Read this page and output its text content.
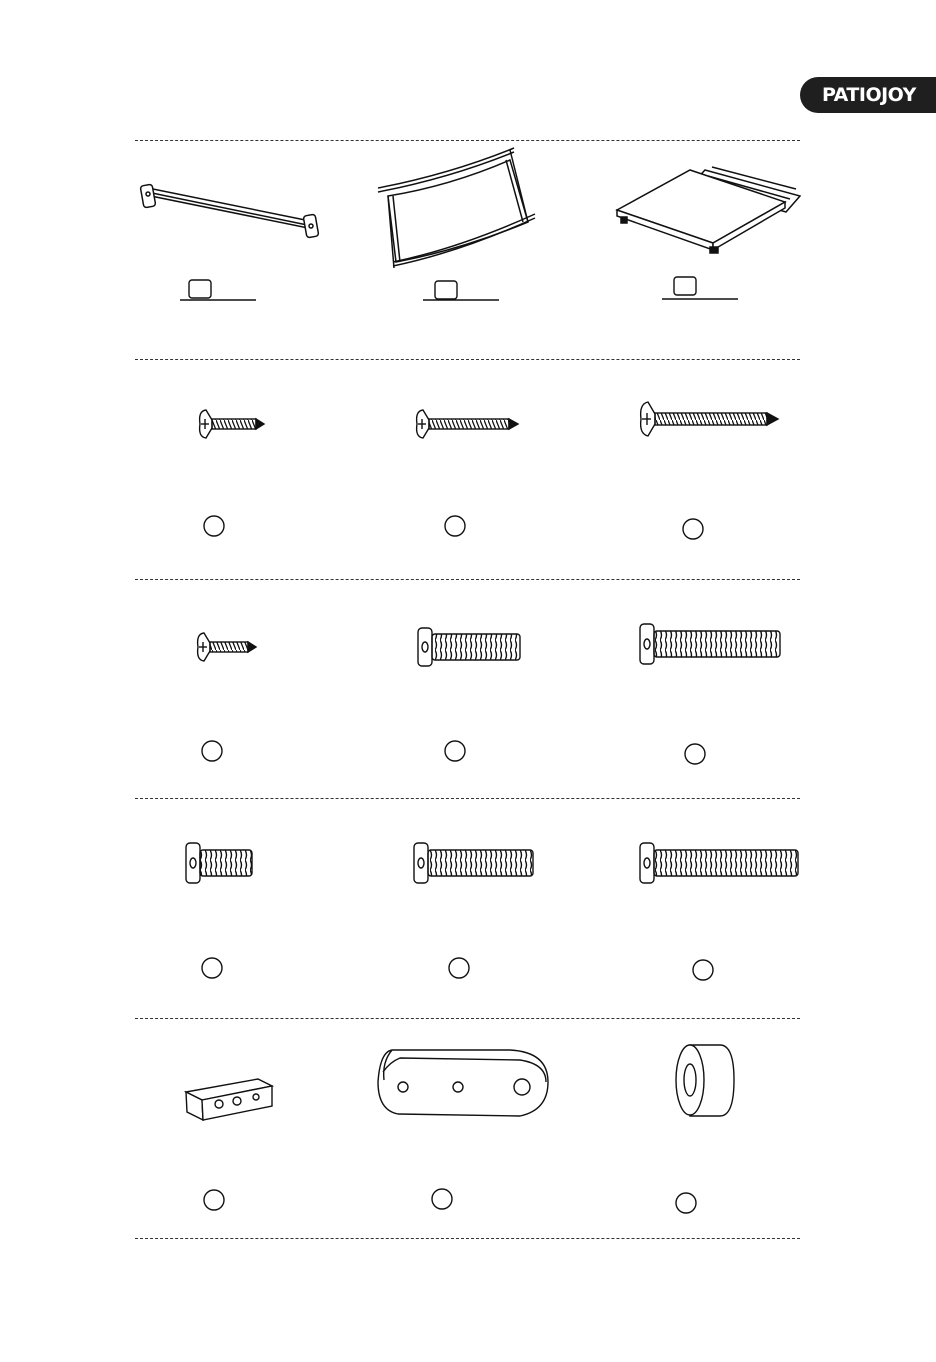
PATIOJOY
